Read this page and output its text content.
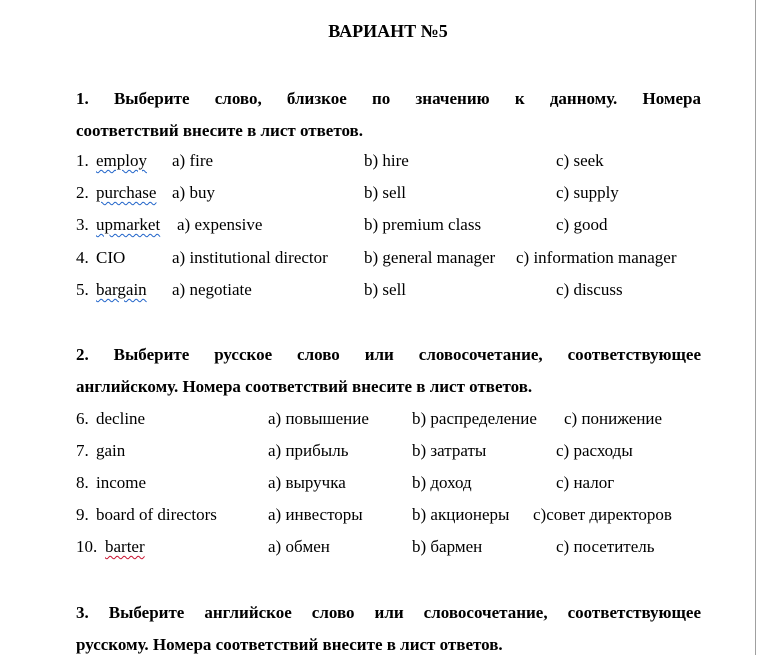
ВАРИАНТ №5
1. Выберите слово, близкое по значению к данному. Номера
соответствий внесите в лист ответов.
1. employ a) fire	b) hire	c) seek
2. purchase a) buy	b) sell	c) supply
3. upmarket a) expensive	b) premium class	c) good
4. CIO	a) institutional director b) general manager c) information manager
5. bargain a) negotiate	b) sell	c) discuss
2. Выберите русское слово или словосочетание, соответствующее
английскому. Номера соответствий внесите в лист ответов.
6. decline	a) повышение	b) распределение c) понижение
7. gain	a) прибыль	b) затраты	c) расходы
8. income	a) выручка	b) доход	c) налог
9. board of directors	a) инвесторы	b) акционеры c)совет директоров
10. barter	a) обмен	b) бармен	c) посетитель
3. Выберите английское слово или словосочетание, соответствующее
русскому. Номера соответствий внесите в лист ответов.
